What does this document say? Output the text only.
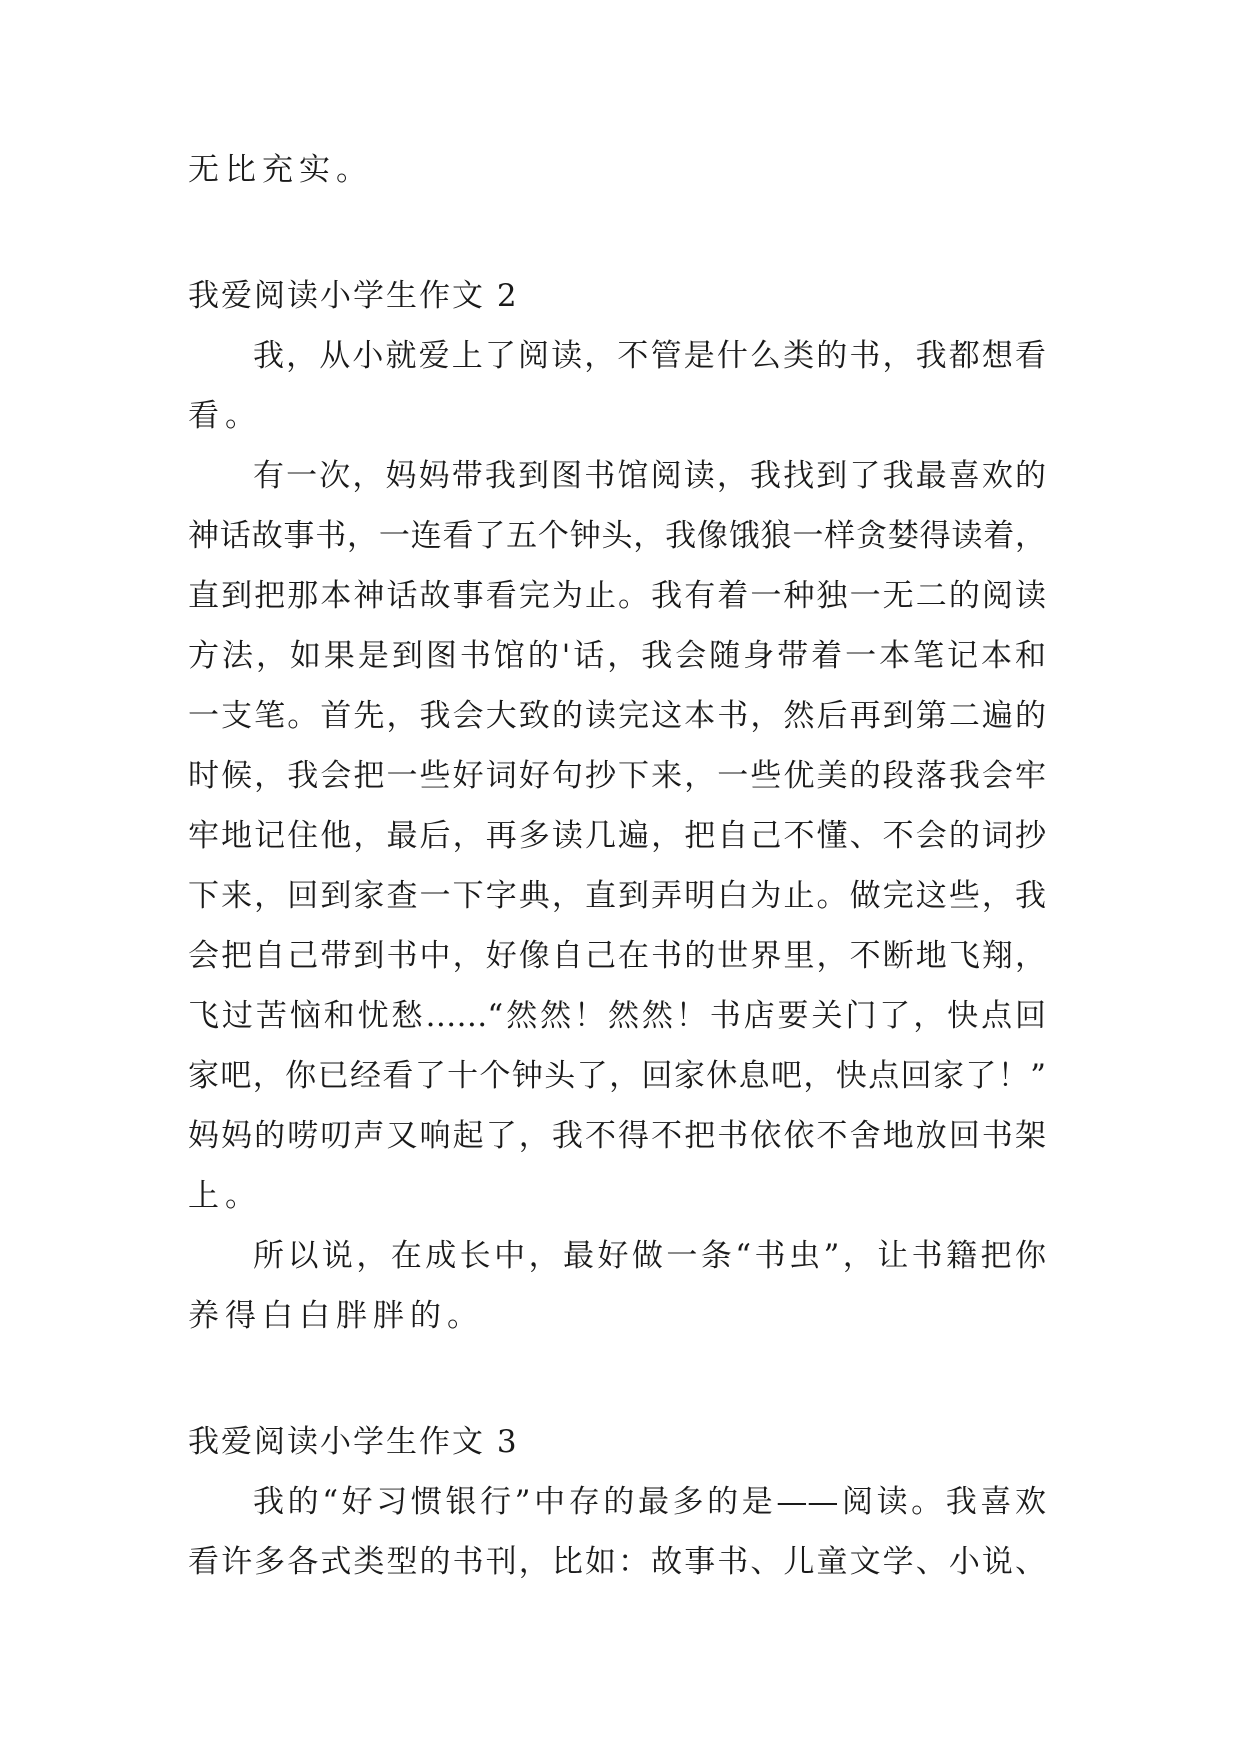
无比充实。
我爱阅读小学生作文 2
我，从小就爱上了阅读，不管是什么类的书，我都想看
看。
有一次，妈妈带我到图书馆阅读，我找到了我最喜欢的
神话故事书，一连看了五个钟头，我像饿狼一样贪婪得读着，
直到把那本神话故事看完为止。我有着一种独一无二的阅读
方法，如果是到图书馆的'话，我会随身带着一本笔记本和
一支笔。首先，我会大致的读完这本书，然后再到第二遍的
时候，我会把一些好词好句抄下来，一些优美的段落我会牢
牢地记住他，最后，再多读几遍，把自己不懂、不会的词抄
下来，回到家查一下字典，直到弄明白为止。做完这些，我
会把自己带到书中，好像自己在书的世界里，不断地飞翔，
飞过苦恼和忧愁……“然然！然然！书店要关门了，快点回
家吧，你已经看了十个钟头了，回家休息吧，快点回家了！”
妈妈的唠叨声又响起了，我不得不把书依依不舍地放回书架
上。
所以说，在成长中，最好做一条“书虫”，让书籍把你
养得白白胖胖的。
我爱阅读小学生作文 3
我的“好习惯银行”中存的最多的是——阅读。我喜欢
看许多各式类型的书刊，比如：故事书、儿童文学、小说、
